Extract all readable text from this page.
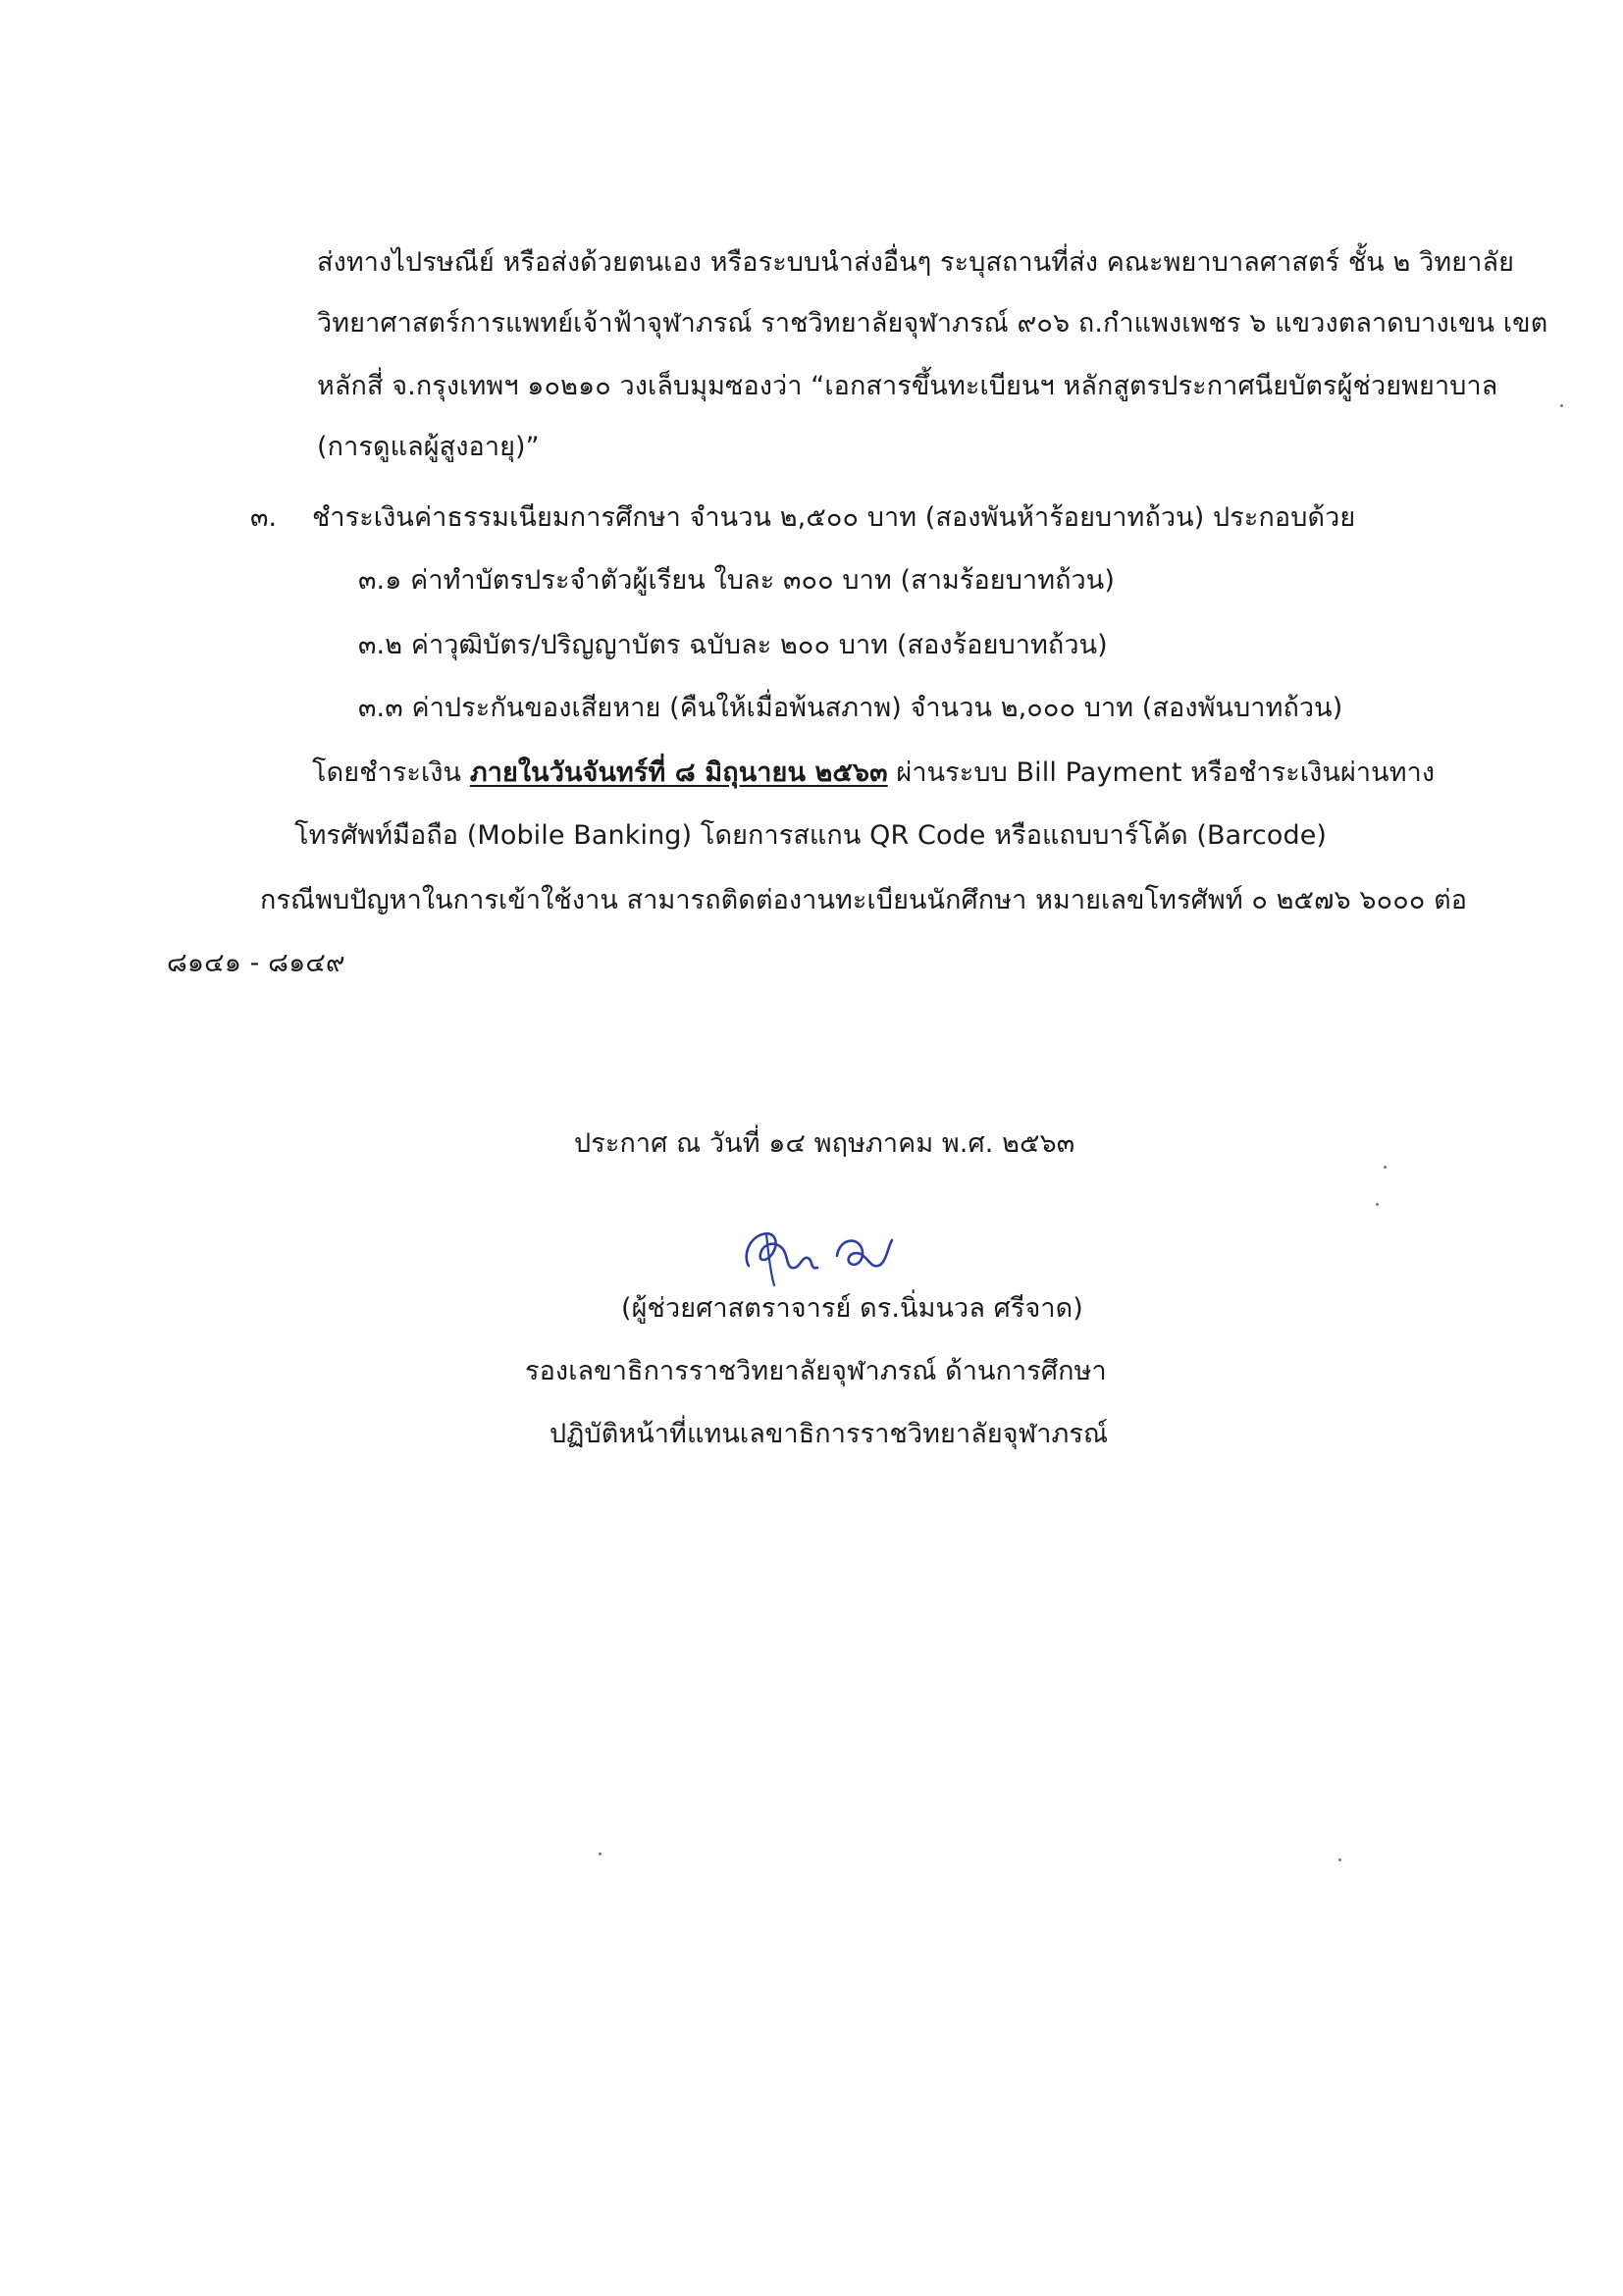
ส่งทางไปรษณีย์ หรือส่งด้วยตนเอง หรือระบบนำส่งอื่นๆ ระบุสถานที่ส่ง คณะพยาบาลศาสตร์ ชั้น ๒ วิทยาลัย
วิทยาศาสตร์การแพทย์เจ้าฟ้าจุฬาภรณ์ ราชวิทยาลัยจุฬาภรณ์ ๙๐๖ ถ.กำแพงเพชร ๖ แขวงตลาดบางเขน เขต
หลักสี่ จ.กรุงเทพฯ ๑๐๒๑๐ วงเล็บมุมซองว่า “เอกสารขึ้นทะเบียนฯ หลักสูตรประกาศนียบัตรผู้ช่วยพยาบาล
(การดูแลผู้สูงอายุ)”
๓. ชำระเงินค่าธรรมเนียมการศึกษา จำนวน ๒,๕๐๐ บาท (สองพันห้าร้อยบาทถ้วน) ประกอบด้วย
๓.๑ ค่าทำบัตรประจำตัวผู้เรียน ใบละ ๓๐๐ บาท (สามร้อยบาทถ้วน)
๓.๒ ค่าวุฒิบัตร/ปริญญาบัตร ฉบับละ ๒๐๐ บาท (สองร้อยบาทถ้วน)
๓.๓ ค่าประกันของเสียหาย (คืนให้เมื่อพ้นสภาพ) จำนวน ๒,๐๐๐ บาท (สองพันบาทถ้วน)
โดยชำระเงิน ภายในวันจันทร์ที่ ๘ มิถุนายน ๒๕๖๓ ผ่านระบบ Bill Payment หรือชำระเงินผ่านทาง
โทรศัพท์มือถือ (Mobile Banking) โดยการสแกน QR Code หรือแถบบาร์โค้ด (Barcode)
กรณีพบปัญหาในการเข้าใช้งาน สามารถติดต่องานทะเบียนนักศึกษา หมายเลขโทรศัพท์ ๐ ๒๕๗๖ ๖๐๐๐ ต่อ
๘๑๔๑ - ๘๑๔๙
ประกาศ ณ วันที่ ๑๔ พฤษภาคม พ.ศ. ๒๕๖๓
(ผู้ช่วยศาสตราจารย์ ดร.นิ่มนวล ศรีจาด)
รองเลขาธิการราชวิทยาลัยจุฬาภรณ์ ด้านการศึกษา
ปฏิบัติหน้าที่แทนเลขาธิการราชวิทยาลัยจุฬาภรณ์
